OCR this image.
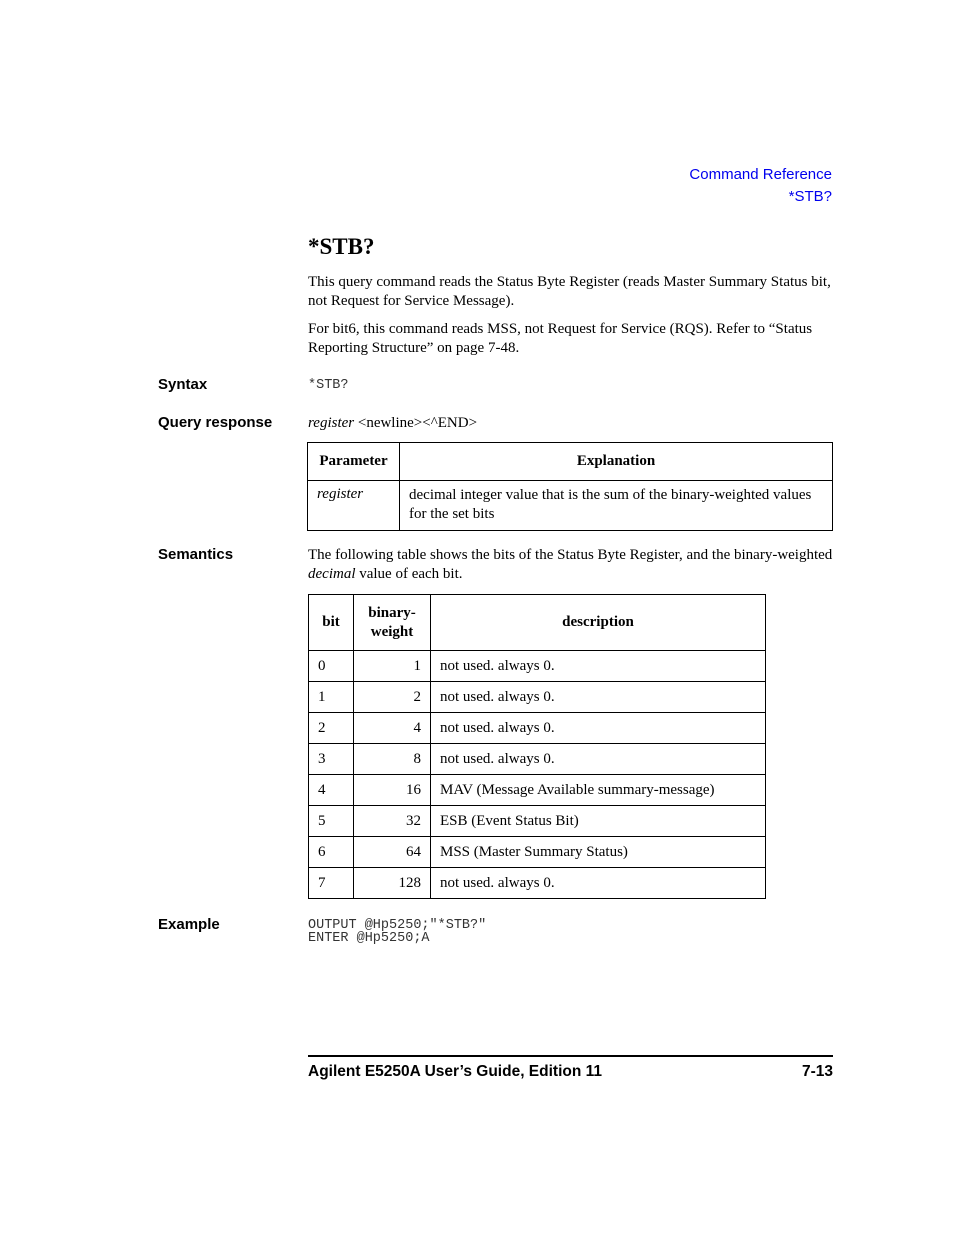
Command Reference
*STB?
*STB?
This query command reads the Status Byte Register (reads Master Summary Status bit, not Request for Service Message).
For bit6, this command reads MSS, not Request for Service (RQS). Refer to “Status Reporting Structure” on page 7-48.
Syntax	*STB?
Query response register <newline><^END>
Parameter	Explanation
register	decimal integer value that is the sum of the binary-weighted values for the set bits
Semantics	The following table shows the bits of the Status Byte Register, and the binary-weighted decimal value of each bit.
bit	binary-weight	description
0	1	not used. always 0.
1	2	not used. always 0.
2	4	not used. always 0.
3	8	not used. always 0.
4	16	MAV (Message Available summary-message)
5	32	ESB (Event Status Bit)
6	64	MSS (Master Summary Status)
7	128	not used. always 0.
Example	OUTPUT @Hp5250;"*STB?"
ENTER @Hp5250;A
Agilent E5250A User’s Guide, Edition 11	7-13
